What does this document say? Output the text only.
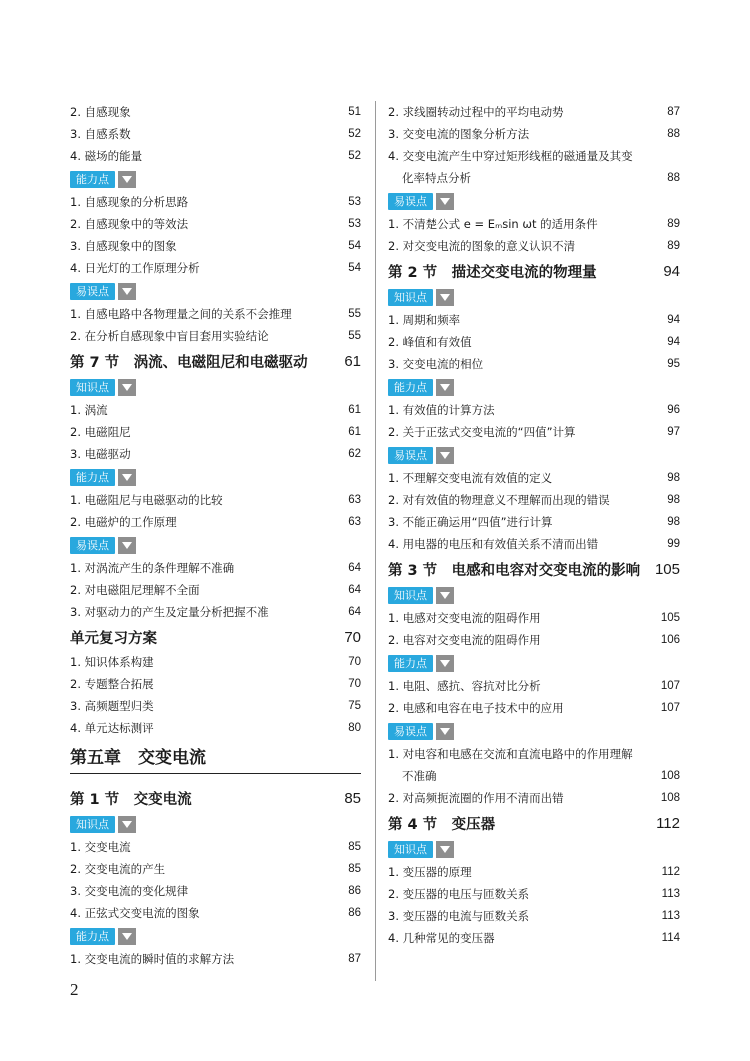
2. 自感现象	51
3. 自感系数	52
4. 磁场的能量	52
能力点
1. 自感现象的分析思路	53
2. 自感现象中的等效法	53
3. 自感现象中的图象	54
4. 日光灯的工作原理分析	54
易误点
1. 自感电路中各物理量之间的关系不会推理	55
2. 在分析自感现象中盲目套用实验结论	55
第 7 节　涡流、电磁阻尼和电磁驱动 61
知识点
1. 涡流	61
2. 电磁阻尼	61
3. 电磁驱动	62
能力点
1. 电磁阻尼与电磁驱动的比较	63
2. 电磁炉的工作原理	63
易误点
1. 对涡流产生的条件理解不准确	64
2. 对电磁阻尼理解不全面	64
3. 对驱动力的产生及定量分析把握不准	64
单元复习方案	70
1. 知识体系构建	70
2. 专题整合拓展	70
3. 高频题型归类	75
4. 单元达标测评	80
第五章　交变电流
第 1 节　交变电流	85
知识点
1. 交变电流	85
2. 交变电流的产生	85
3. 交变电流的变化规律	86
4. 正弦式交变电流的图象	86
能力点
1. 交变电流的瞬时值的求解方法	87
2. 求线圈转动过程中的平均电动势	87
3. 交变电流的图象分析方法	88
4. 交变电流产生中穿过矩形线框的磁通量及其变
化率特点分析	88
易误点
1. 不清楚公式 e = Eₘsin ωt 的适用条件	89
2. 对交变电流的图象的意义认识不清	89
第 2 节　描述交变电流的物理量	94
知识点
1. 周期和频率	94
2. 峰值和有效值	94
3. 交变电流的相位	95
能力点
1. 有效值的计算方法	96
2. 关于正弦式交变电流的“四值”计算	97
易误点
1. 不理解交变电流有效值的定义	98
2. 对有效值的物理意义不理解而出现的错误	98
3. 不能正确运用“四值”进行计算	98
4. 用电器的电压和有效值关系不清而出错	99
第 3 节　电感和电容对交变电流的影响 105
知识点
1. 电感对交变电流的阻碍作用	105
2. 电容对交变电流的阻碍作用	106
能力点
1. 电阻、感抗、容抗对比分析	107
2. 电感和电容在电子技术中的应用	107
易误点
1. 对电容和电感在交流和直流电路中的作用理解
不准确	108
2. 对高频扼流圈的作用不清而出错	108
第 4 节　变压器	112
知识点
1. 变压器的原理	112
2. 变压器的电压与匝数关系	113
3. 变压器的电流与匝数关系	113
4. 几种常见的变压器	114
2
